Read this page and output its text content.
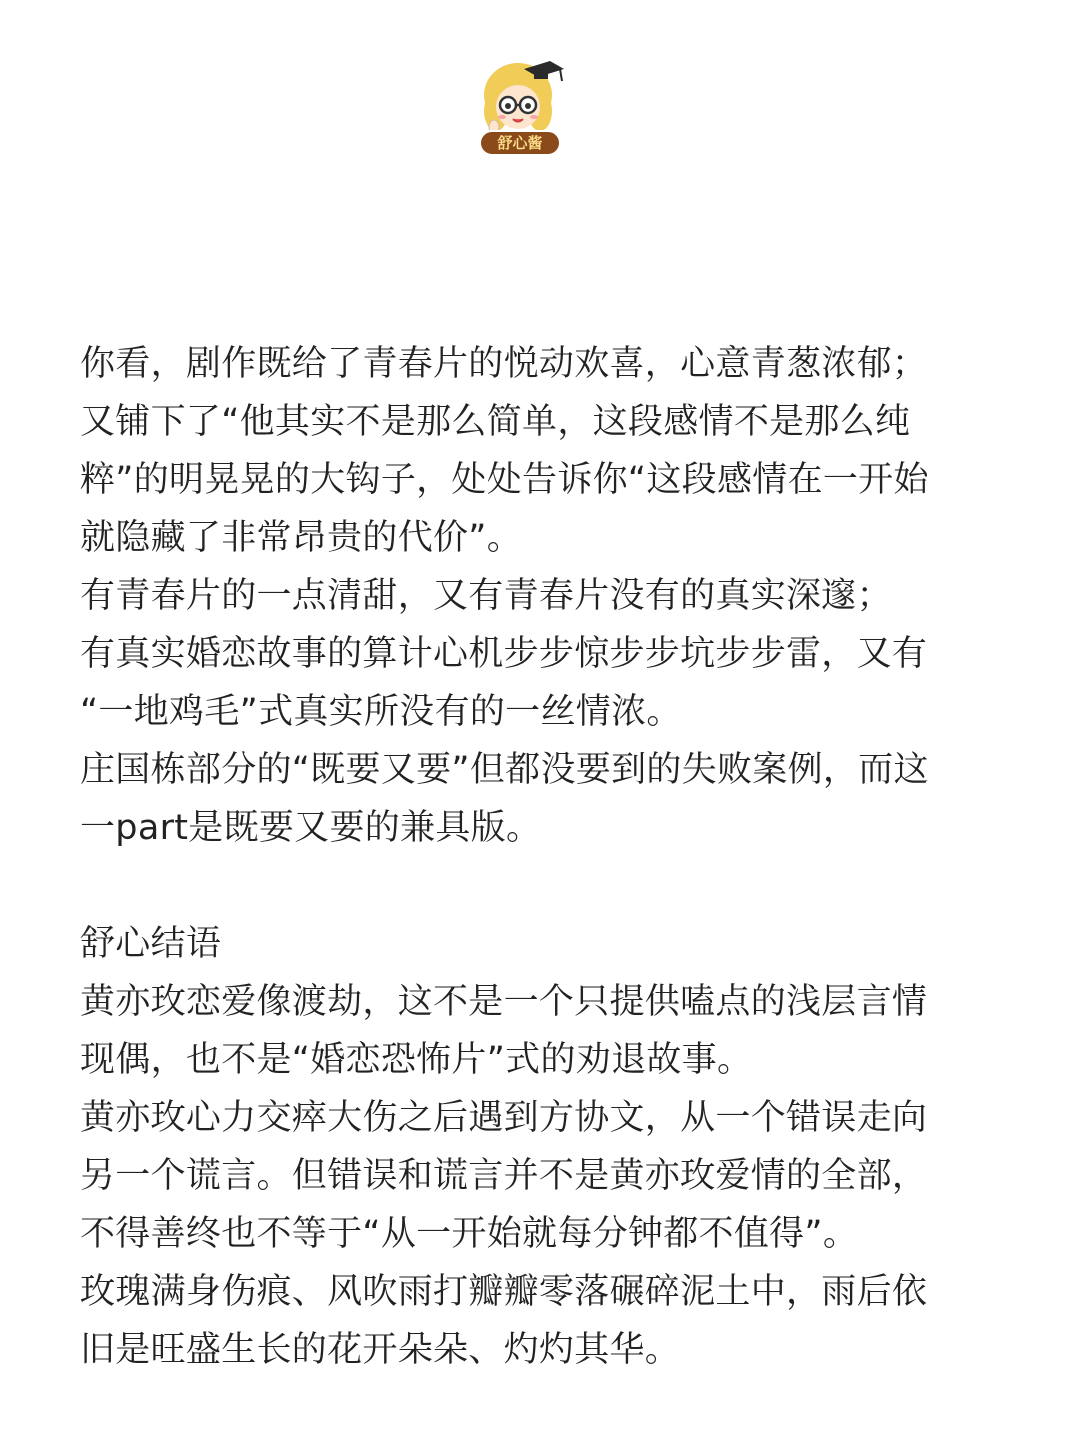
舒心酱

你看，剧作既给了青春片的悦动欢喜，心意青葱浓郁；

又铺下了“他其实不是那么简单，这段感情不是那么纯

粹”的明晃晃的大钩子，处处告诉你“这段感情在一开始

就隐藏了非常昂贵的代价”。

有青春片的一点清甜，又有青春片没有的真实深邃；

有真实婚恋故事的算计心机步步惊步步坑步步雷，又有

“一地鸡毛”式真实所没有的一丝情浓。

庄国栋部分的“既要又要”但都没要到的失败案例，而这

一part是既要又要的兼具版。

舒心结语

黄亦玫恋爱像渡劫，这不是一个只提供嗑点的浅层言情

现偶，也不是“婚恋恐怖片”式的劝退故事。

黄亦玫心力交瘁大伤之后遇到方协文，从一个错误走向

另一个谎言。但错误和谎言并不是黄亦玫爱情的全部，

不得善终也不等于“从一开始就每分钟都不值得”。

玫瑰满身伤痕、风吹雨打瓣瓣零落碾碎泥土中，雨后依

旧是旺盛生长的花开朵朵、灼灼其华。
